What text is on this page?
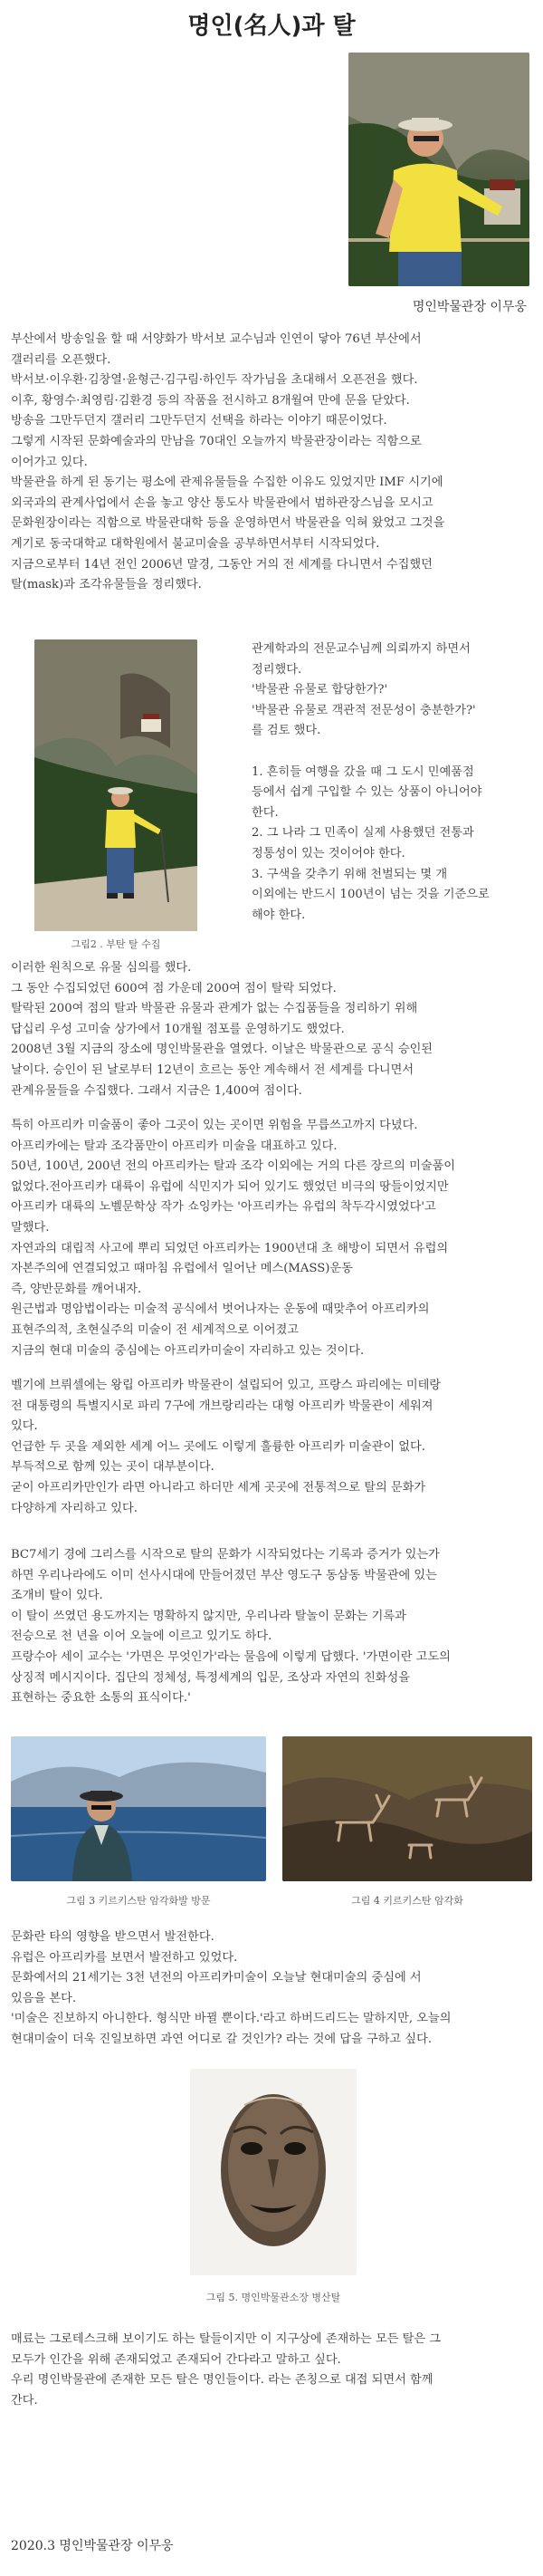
명인(名人)과 탈
명인박물관장 이무웅
부산에서 방송일을 할 때 서양화가 박서보 교수님과 인연이 닿아 76년 부산에서
갤러리를 오픈했다.
박서보·이우환·김창열·윤형근·김구림·하인두 작가님을 초대해서 오픈전을 했다.
이후, 황영수·최영림·김환경 등의 작품을 전시하고 8개월여 만에 문을 닫았다.
방송을 그만두던지 갤러리 그만두던지 선택을 하라는 이야기 때문이었다.
그렇게 시작된 문화예술과의 만남을 70대인 오늘까지 박물관장이라는 직함으로
이어가고 있다.
박물관을 하게 된 동기는 평소에 관제유물들을 수집한 이유도 있었지만 IMF 시기에
외국과의 관계사업에서 손을 놓고 양산 통도사 박물관에서 범하관장스님을 모시고
문화원장이라는 직함으로 박물관대학 등을 운영하면서 박물관을 익혀 왔었고 그것을
계기로 동국대학교 대학원에서 불교미술을 공부하면서부터 시작되었다.
지금으로부터 14년 전인 2006년 말경, 그동안 거의 전 세계를 다니면서 수집했던
탈(mask)과 조각유물들을 정리했다.
그림2 . 부탄 탈 수집
관계학과의 전문교수님께 의뢰까지 하면서
정리했다.
'박물관 유물로 합당한가?'
'박물관 유물로 객관적 전문성이 충분한가?'
를 검토 했다.

1. 흔히들 여행을 갔을 때 그 도시 민예품점
등에서 쉽게 구입할 수 있는 상품이 아니어야
한다.
2. 그 나라 그 민족이 실제 사용했던 전통과
정통성이 있는 것이어야 한다.
3. 구색을 갖추기 위해 천벌되는 몇 개
이외에는 반드시 100년이 넘는 것을 기준으로
해야 한다.
이러한 원칙으로 유물 심의를 했다.
그 동안 수집되었던 600여 점 가운데 200여 점이 탈락 되었다.
탈락된 200여 점의 탈과 박물관 유물과 관계가 없는 수집품들을 정리하기 위해
답십리 우성 고미술 상가에서 10개월 점포를 운영하기도 했었다.
2008년 3월 지금의 장소에 명인박물관을 열였다. 이날은 박물관으로 공식 승인된
날이다. 승인이 된 날로부터 12년이 흐르는 동안 계속해서 전 세계를 다니면서
관계유물들을 수집했다. 그래서 지금은 1,400여 점이다.
특히 아프리카 미술품이 좋아 그곳이 있는 곳이면 위험을 무릅쓰고까지 다녔다.
아프리카에는 탈과 조각품만이 아프리카 미술을 대표하고 있다.
50년, 100년, 200년 전의 아프리카는 탈과 조각 이외에는 거의 다른 장르의 미술품이
없었다.전아프리카 대륙이 유럽에 식민지가 되어 있기도 했었던 비극의 땅들이었지만
아프리카 대륙의 노벨문학상 작가 쇼잉카는 '아프리카는 유럽의 착두각시였었다'고
말했다.
자연과의 대립적 사고에 뿌리 되었던 아프리카는 1900년대 초 해방이 되면서 유럽의
자본주의에 연결되었고 때마침 유럽에서 일어난 메스(MASS)운동
즉, 양반문화를 깨어내자.
원근법과 명암법이라는 미술적 공식에서 벗어나자는 운동에 때맞추어 아프리카의
표현주의적, 초현실주의 미술이 전 세계적으로 이어졌고
지금의 현대 미술의 중심에는 아프리카미술이 자리하고 있는 것이다.
벨기에 브뤼셀에는 왕립 아프리카 박물관이 설립되어 있고, 프랑스 파리에는 미테랑
전 대통령의 특별지시로 파리 7구에 개브랑리라는 대형 아프리카 박물관이 세워져
있다.
언급한 두 곳을 제외한 세계 어느 곳에도 이렇게 훌륭한 아프리카 미술관이 없다.
부득적으로 함께 있는 곳이 대부분이다.
굳이 아프리카만인가 라면 아니라고 하더만 세계 곳곳에 전통적으로 탈의 문화가
다양하게 자리하고 있다.
BC7세기 경에 그리스를 시작으로 탈의 문화가 시작되었다는 기록과 증거가 있는가
하면 우리나라에도 이미 선사시대에 만들어졌던 부산 영도구 동삼동 박물관에 있는
조개비 탈이 있다.
이 탈이 쓰였던 용도까지는 명확하지 않지만, 우리나라 탈놀이 문화는 기록과
전승으로 천 년을 이어 오늘에 이르고 있기도 하다.
프랑수아 세이 교수는 '가면은 무엇인가'라는 물음에 이렇게 답했다. '가면이란 고도의
상징적 메시지이다. 집단의 정체성, 특정세계의 입문, 조상과 자연의 친화성을
표현하는 중요한 소통의 표식이다.'
그림 3 키르키스탄 암각화발 방문	그림 4 키르키스탄 암각화
문화란 타의 영향을 받으면서 발전한다.
유럽은 아프리카를 보면서 발전하고 있었다.
문화예서의 21세기는 3천 년전의 아프리카미술이 오늘날 현대미술의 중심에 서
있음을 본다.
'미술은 진보하지 아니한다. 형식만 바뀔 뿐이다.'라고 하버드리드는 말하지만, 오늘의
현대미술이 더욱 진일보하면 과연 어디로 갈 것인가? 라는 것에 답을 구하고 싶다.
그림 5. 명인박물관소장 병산탈
매료는 그로테스크해 보이기도 하는 탈들이지만 이 지구상에 존재하는 모든 탈은 그
모두가 인간을 위해 존재되었고 존재되어 간다라고 말하고 싶다.
우리 명인박물관에 존재한 모든 탈은 명인들이다. 라는 존칭으로 대접 되면서 함께
간다.
2020.3 명인박물관장 이무웅
